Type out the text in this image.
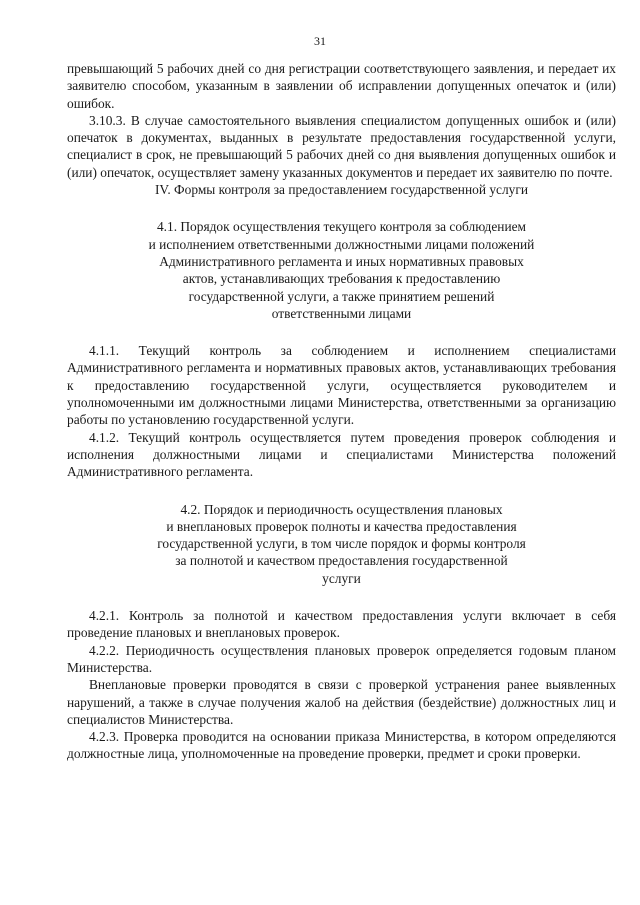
31

превышающий 5 рабочих дней со дня регистрации соответствующего заявления, и передает их заявителю способом, указанным в заявлении об исправлении допущенных опечаток и (или) ошибок.

3.10.3. В случае самостоятельного выявления специалистом допущенных ошибок и (или) опечаток в документах, выданных в результате предоставления государственной услуги, специалист в срок, не превышающий 5 рабочих дней со дня выявления допущенных ошибок и (или) опечаток, осуществляет замену указанных документов и передает их заявителю по почте.

IV. Формы контроля за предоставлением государственной услуги

4.1. Порядок осуществления текущего контроля за соблюдением

и исполнением ответственными должностными лицами положений

Административного регламента и иных нормативных правовых

актов, устанавливающих требования к предоставлению

государственной услуги, а также принятием решений

ответственными лицами

4.1.1. Текущий контроль за соблюдением и исполнением специалистами Административного регламента и нормативных правовых актов, устанавливающих требования к предоставлению государственной услуги, осуществляется руководителем и уполномоченными им должностными лицами Министерства, ответственными за организацию работы по установлению государственной услуги.

4.1.2. Текущий контроль осуществляется путем проведения проверок соблюдения и исполнения должностными лицами и специалистами Министерства положений Административного регламента.

4.2. Порядок и периодичность осуществления плановых

и внеплановых проверок полноты и качества предоставления

государственной услуги, в том числе порядок и формы контроля

за полнотой и качеством предоставления государственной

услуги

4.2.1. Контроль за полнотой и качеством предоставления услуги включает в себя проведение плановых и внеплановых проверок.

4.2.2. Периодичность осуществления плановых проверок определяется годовым планом Министерства.

Внеплановые проверки проводятся в связи с проверкой устранения ранее выявленных нарушений, а также в случае получения жалоб на действия (бездействие) должностных лиц и специалистов Министерства.

4.2.3. Проверка проводится на основании приказа Министерства, в котором определяются должностные лица, уполномоченные на проведение проверки, предмет и сроки проверки.
